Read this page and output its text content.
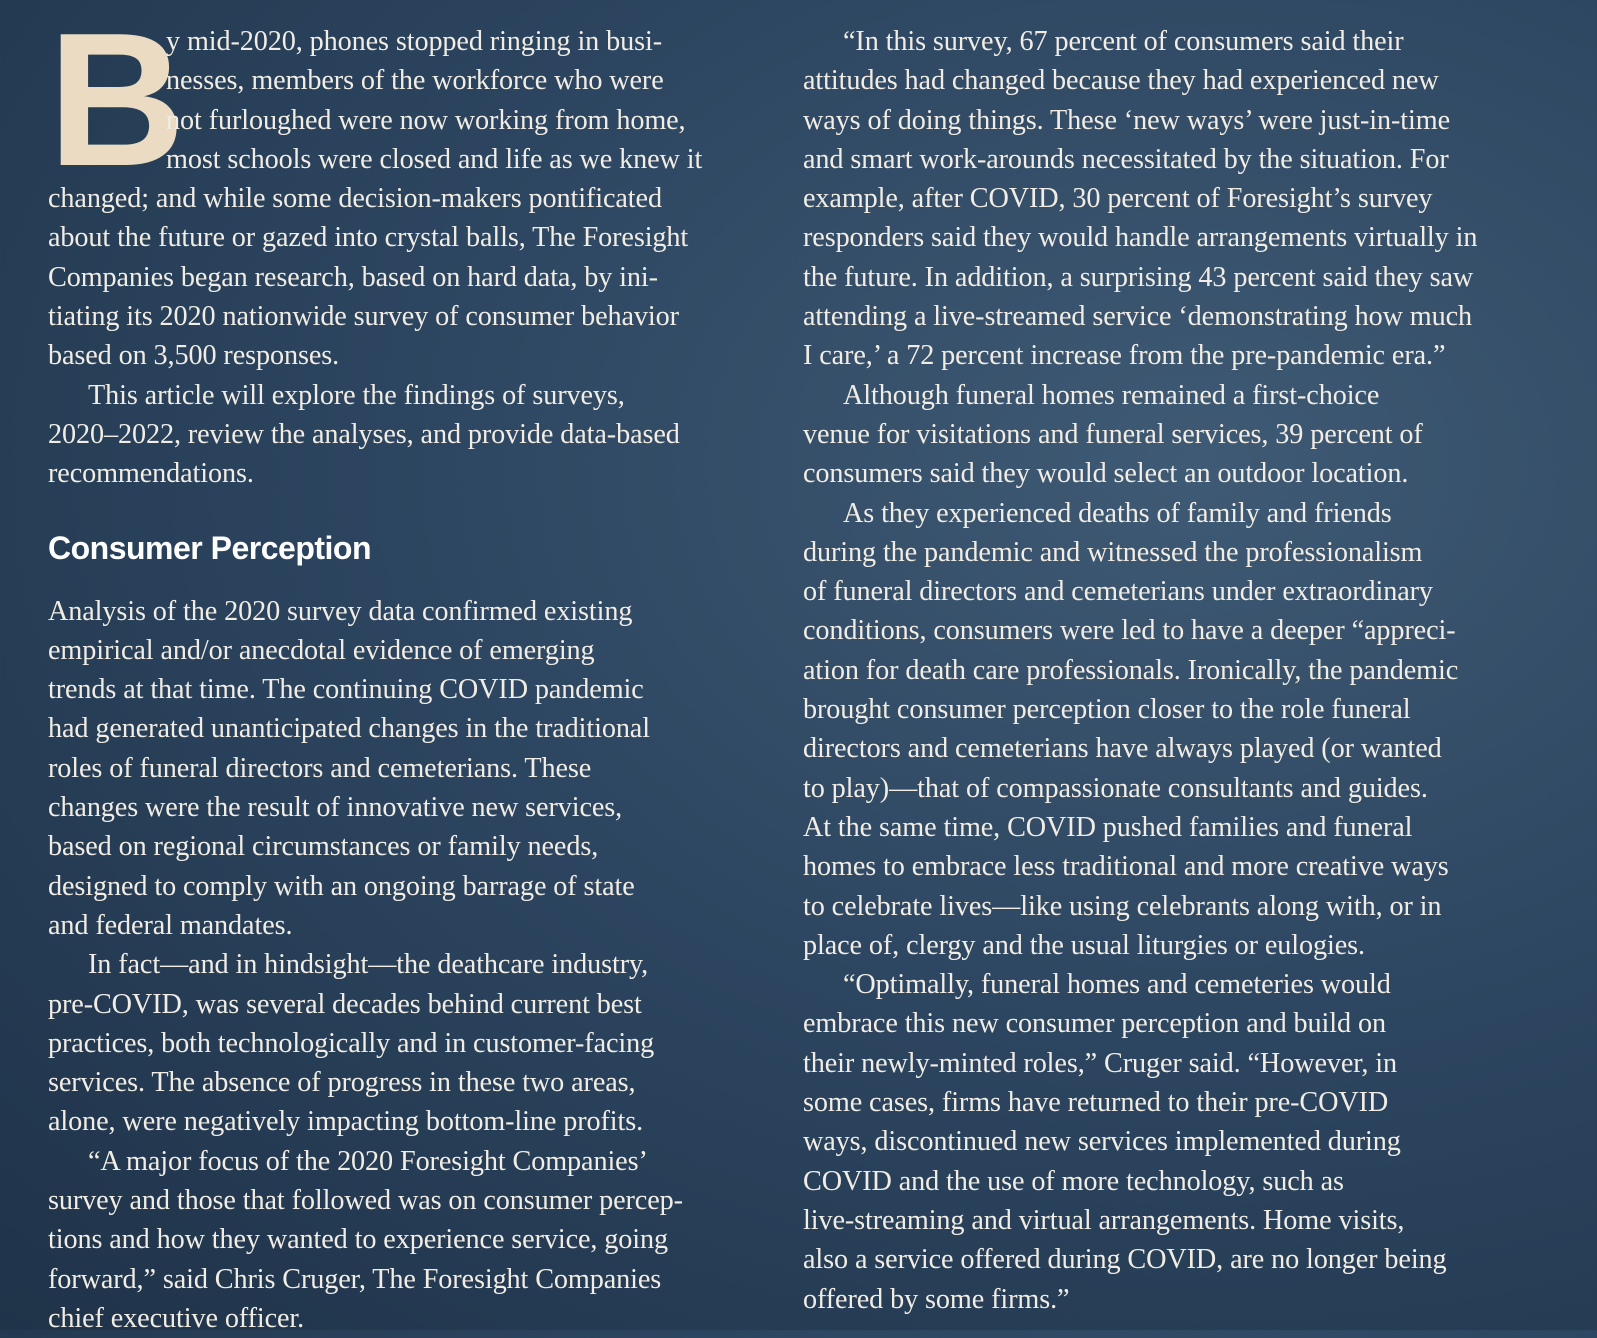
B

y mid-2020, phones stopped ringing in busi-

nesses, members of the workforce who were

not furloughed were now working from home,

most schools were closed and life as we knew it

changed; and while some decision-makers pontificated

about the future or gazed into crystal balls, The Foresight

Companies began research, based on hard data, by ini-

tiating its 2020 nationwide survey of consumer behavior

based on 3,500 responses.

This article will explore the findings of surveys,

2020–2022, review the analyses, and provide data-based

recommendations.

Analysis of the 2020 survey data confirmed existing

empirical and/or anecdotal evidence of emerging

trends at that time. The continuing COVID pandemic

had generated unanticipated changes in the traditional

roles of funeral directors and cemeterians. These

changes were the result of innovative new services,

based on regional circumstances or family needs,

designed to comply with an ongoing barrage of state

and federal mandates.

In fact—and in hindsight—the deathcare industry,

pre-COVID, was several decades behind current best

practices, both technologically and in customer-facing

services. The absence of progress in these two areas,

alone, were negatively impacting bottom-line profits.

“A major focus of the 2020 Foresight Companies’

survey and those that followed was on consumer percep-

tions and how they wanted to experience service, going

forward,” said Chris Cruger, The Foresight Companies

chief executive officer.

Consumer Perception

“In this survey, 67 percent of consumers said their

attitudes had changed because they had experienced new

ways of doing things. These ‘new ways’ were just-in-time

and smart work-arounds necessitated by the situation. For

example, after COVID, 30 percent of Foresight’s survey

responders said they would handle arrangements virtually in

the future. In addition, a surprising 43 percent said they saw

attending a live-streamed service ‘demonstrating how much

I care,’ a 72 percent increase from the pre-pandemic era.”

Although funeral homes remained a first-choice

venue for visitations and funeral services, 39 percent of

consumers said they would select an outdoor location.

As they experienced deaths of family and friends

during the pandemic and witnessed the professionalism

of funeral directors and cemeterians under extraordinary

conditions, consumers were led to have a deeper “appreci-

ation for death care professionals. Ironically, the pandemic

brought consumer perception closer to the role funeral

directors and cemeterians have always played (or wanted

to play)—that of compassionate consultants and guides.

At the same time, COVID pushed families and funeral

homes to embrace less traditional and more creative ways

to celebrate lives—like using celebrants along with, or in

place of, clergy and the usual liturgies or eulogies.

“Optimally, funeral homes and cemeteries would

embrace this new consumer perception and build on

their newly-minted roles,” Cruger said. “However, in

some cases, firms have returned to their pre-COVID

ways, discontinued new services implemented during

COVID and the use of more technology, such as

live-streaming and virtual arrangements. Home visits,

also a service offered during COVID, are no longer being

offered by some firms.”
